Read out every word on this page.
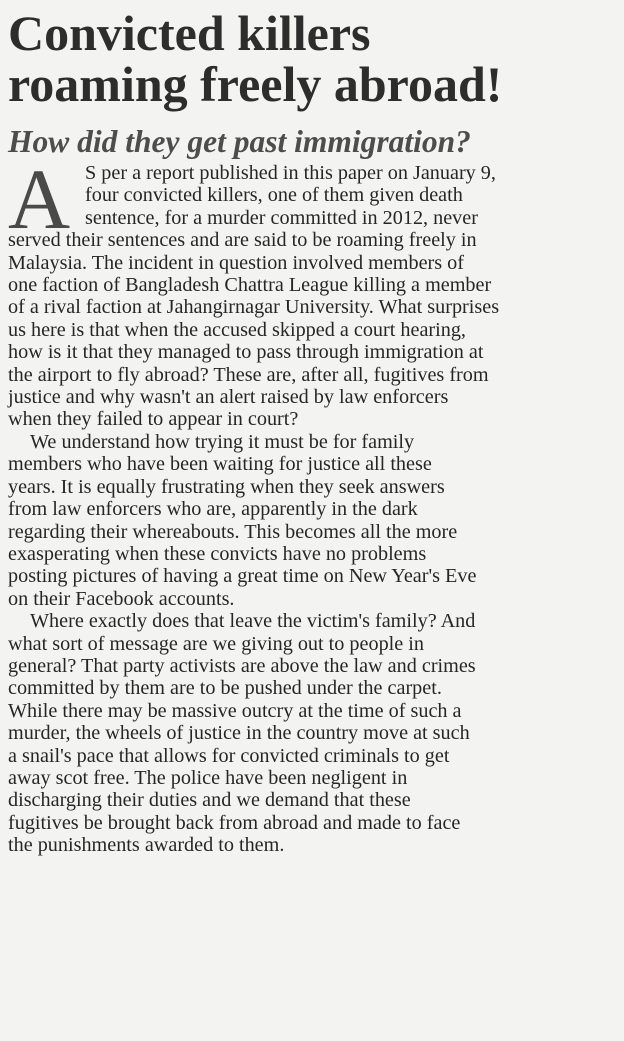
Convicted killers
roaming freely abroad!
How did they get past immigration?
A S per a report published in this paper on January 9,
four convicted killers, one of them given death
sentence, for a murder committed in 2012, never
served their sentences and are said to be roaming freely in
Malaysia. The incident in question involved members of
one faction of Bangladesh Chattra League killing a member
of a rival faction at Jahangirnagar University. What surprises
us here is that when the accused skipped a court hearing,
how is it that they managed to pass through immigration at
the airport to fly abroad? These are, after all, fugitives from
justice and why wasn't an alert raised by law enforcers
when they failed to appear in court?
We understand how trying it must be for family
members who have been waiting for justice all these
years. It is equally frustrating when they seek answers
from law enforcers who are, apparently in the dark
regarding their whereabouts. This becomes all the more
exasperating when these convicts have no problems
posting pictures of having a great time on New Year's Eve
on their Facebook accounts.
Where exactly does that leave the victim's family? And
what sort of message are we giving out to people in
general? That party activists are above the law and crimes
committed by them are to be pushed under the carpet.
While there may be massive outcry at the time of such a
murder, the wheels of justice in the country move at such
a snail's pace that allows for convicted criminals to get
away scot free. The police have been negligent in
discharging their duties and we demand that these
fugitives be brought back from abroad and made to face
the punishments awarded to them.
